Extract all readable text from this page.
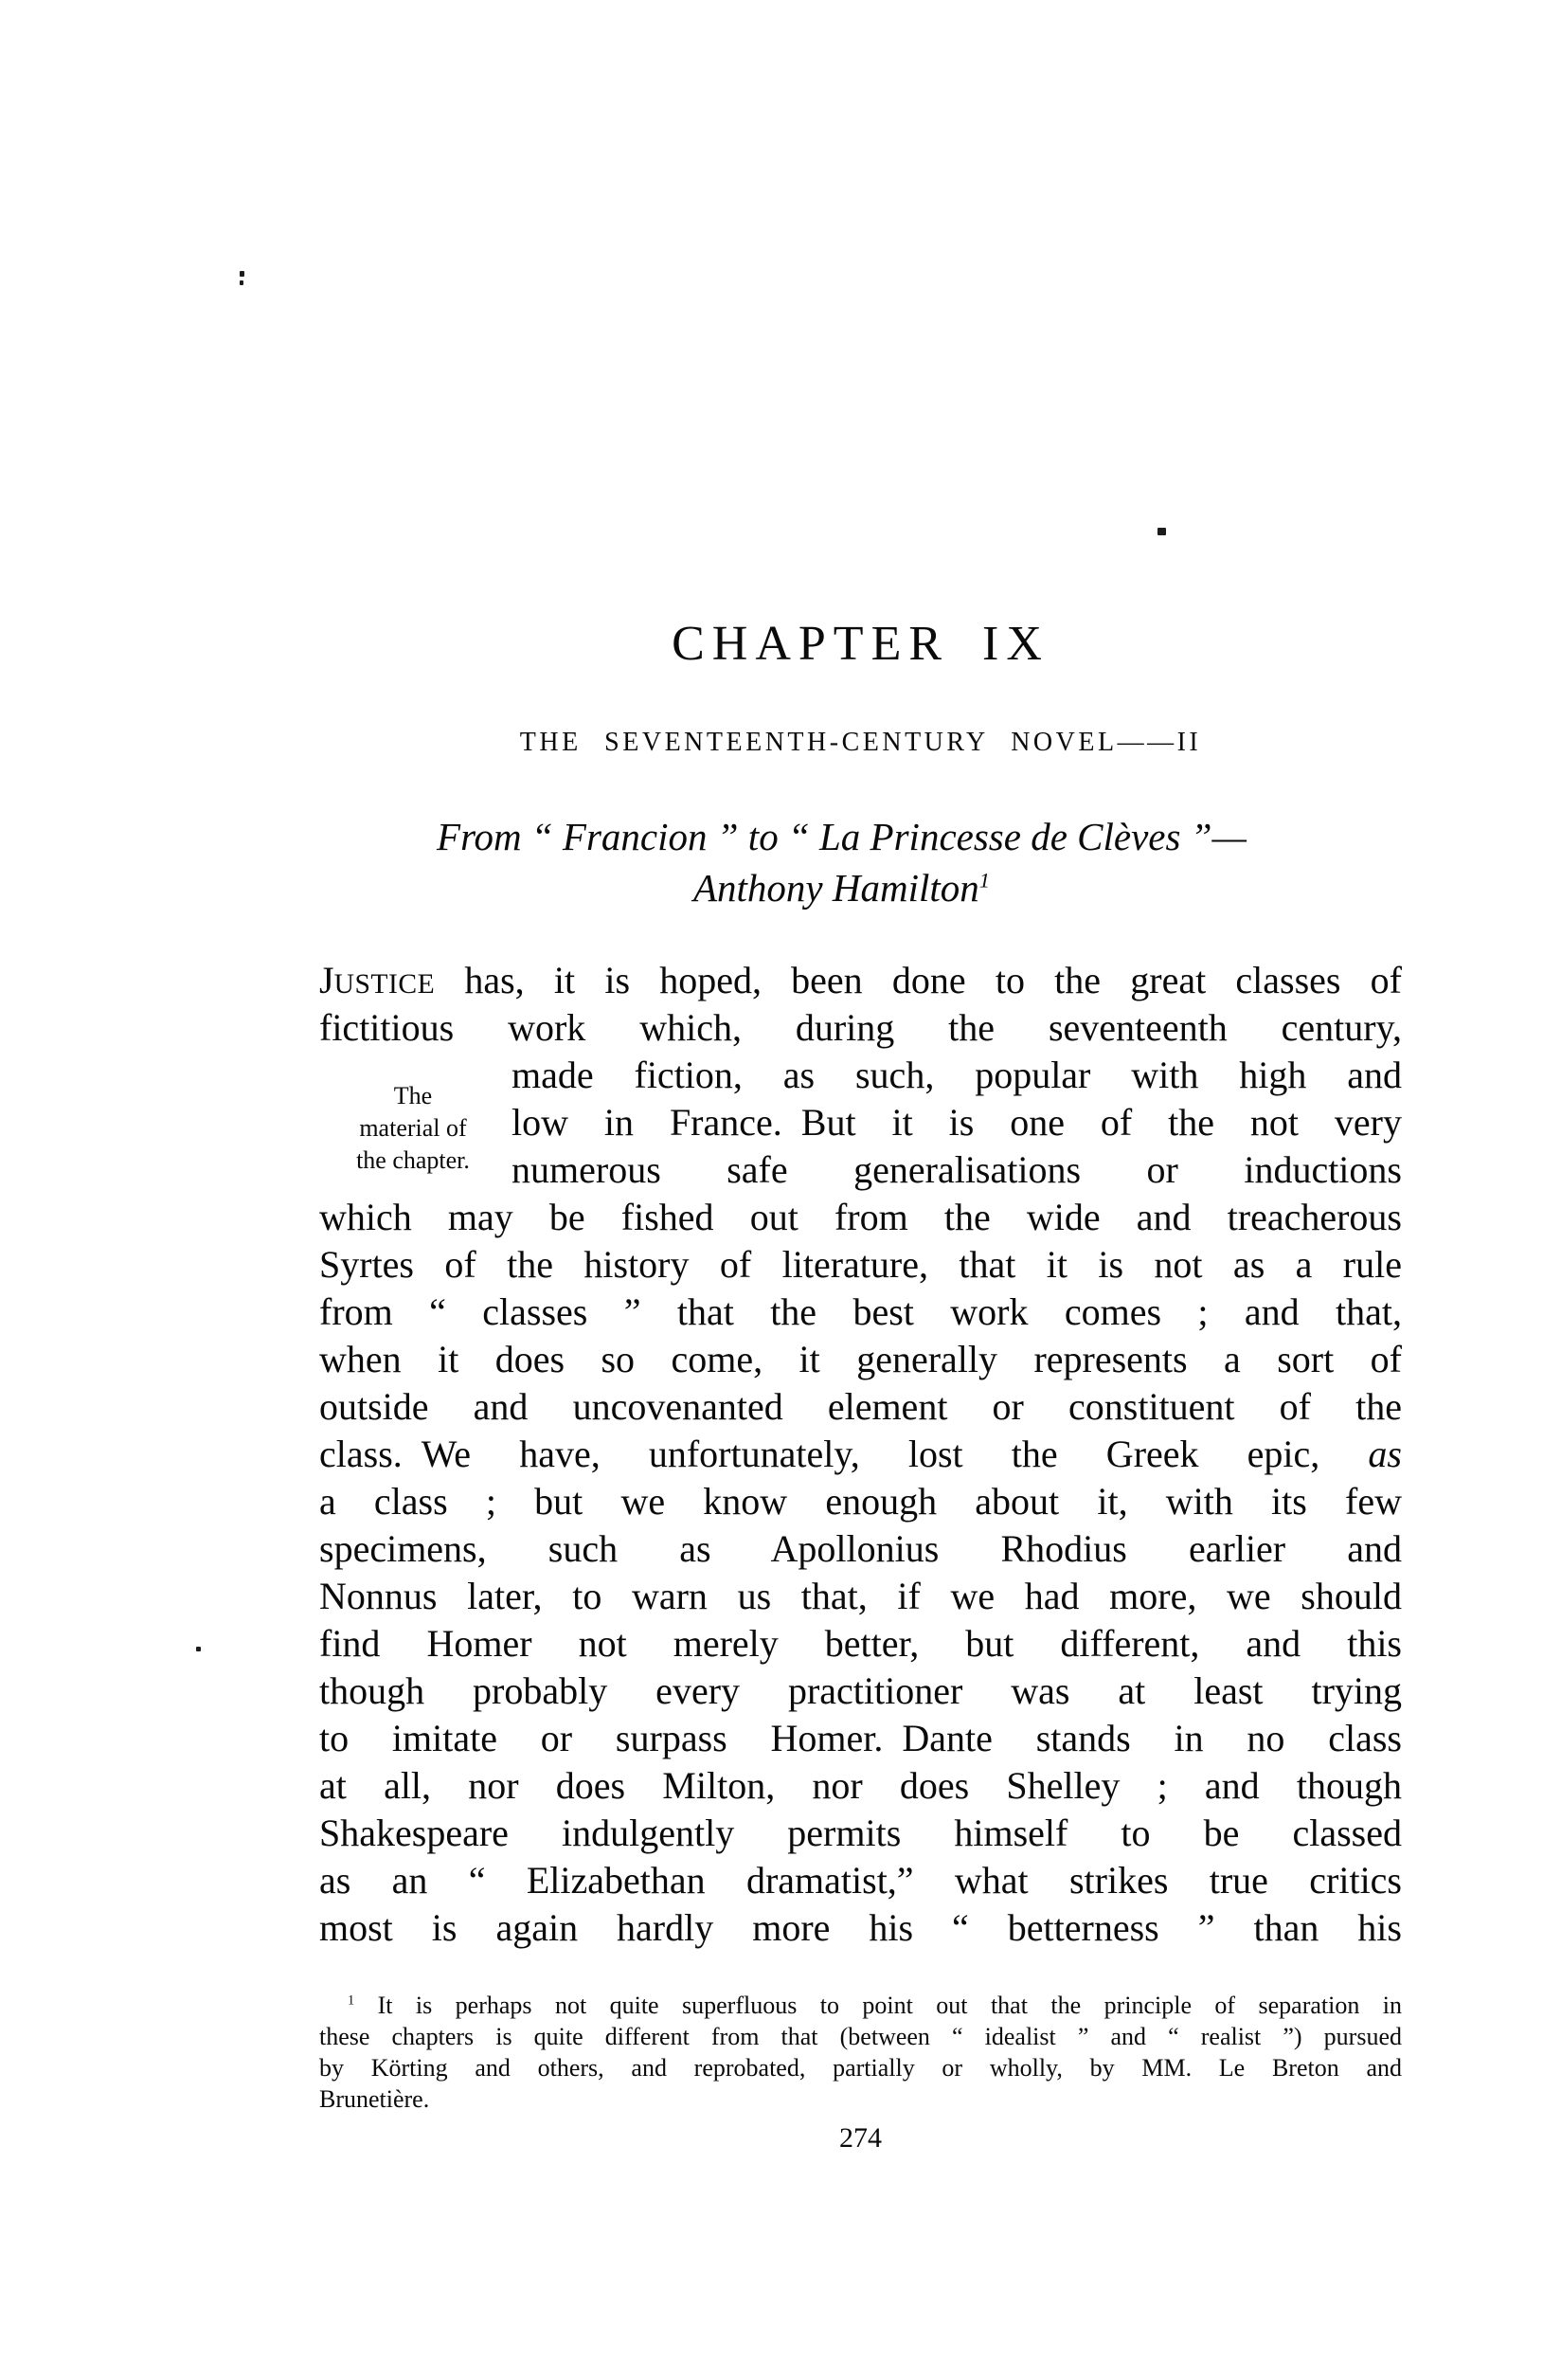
CHAPTER IX
THE SEVENTEENTH-CENTURY NOVEL——II
From “ Francion ” to “ La Princesse de Clèves ”—
Anthony Hamilton$^1$
The
material of
the chapter.
JUSTICE has, it is hoped, been done to the great classes of
fictitious work which, during the seventeenth century,
made fiction, as such, popular with high and
low in France. But it is one of the not very
numerous safe generalisations or inductions
which may be fished out from the wide and treacherous
Syrtes of the history of literature, that it is not as a rule
from “ classes ” that the best work comes ; and that,
when it does so come, it generally represents a sort of
outside and uncovenanted element or constituent of the
class. We have, unfortunately, lost the Greek epic, as
a class ; but we know enough about it, with its few
specimens, such as Apollonius Rhodius earlier and
Nonnus later, to warn us that, if we had more, we should
find Homer not merely better, but different, and this
though probably every practitioner was at least trying
to imitate or surpass Homer. Dante stands in no class
at all, nor does Milton, nor does Shelley ; and though
Shakespeare indulgently permits himself to be classed
as an “ Elizabethan dramatist,” what strikes true critics
most is again hardly more his “ betterness ” than his
$^1$ It is perhaps not quite superfluous to point out that the principle of separation in
these chapters is quite different from that (between “ idealist ” and “ realist ”) pursued
by Körting and others, and reprobated, partially or wholly, by MM. Le Breton and
Brunetière.
274
